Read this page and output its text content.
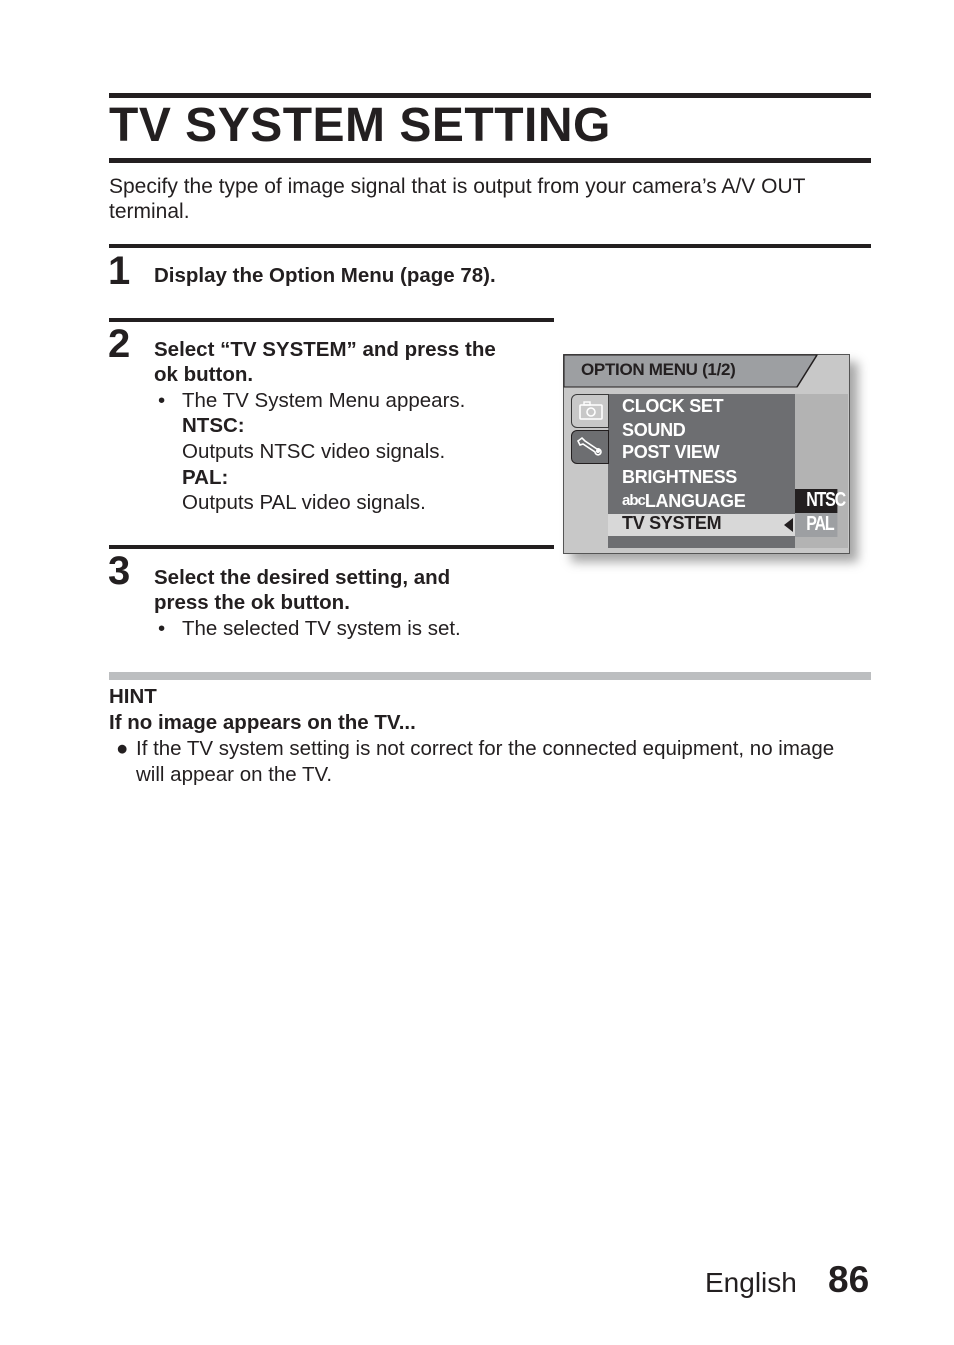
TV SYSTEM SETTING
Specify the type of image signal that is output from your camera’s A/V OUT terminal.
1 Display the Option Menu (page 78).
2 Select “TV SYSTEM” and press the
ok button.
• The TV System Menu appears.
NTSC:
Outputs NTSC video signals.
PAL:
Outputs PAL video signals.
3 Select the desired setting, and
press the ok button.
• The selected TV system is set.
OPTION MENU (1/2)
CLOCK SET
SOUND
POST VIEW
BRIGHTNESS
abcLANGUAGE
TV SYSTEM
NTSC
PAL
HINT
If no image appears on the TV...
● If the TV system setting is not correct for the connected equipment, no image will appear on the TV.
English 86
